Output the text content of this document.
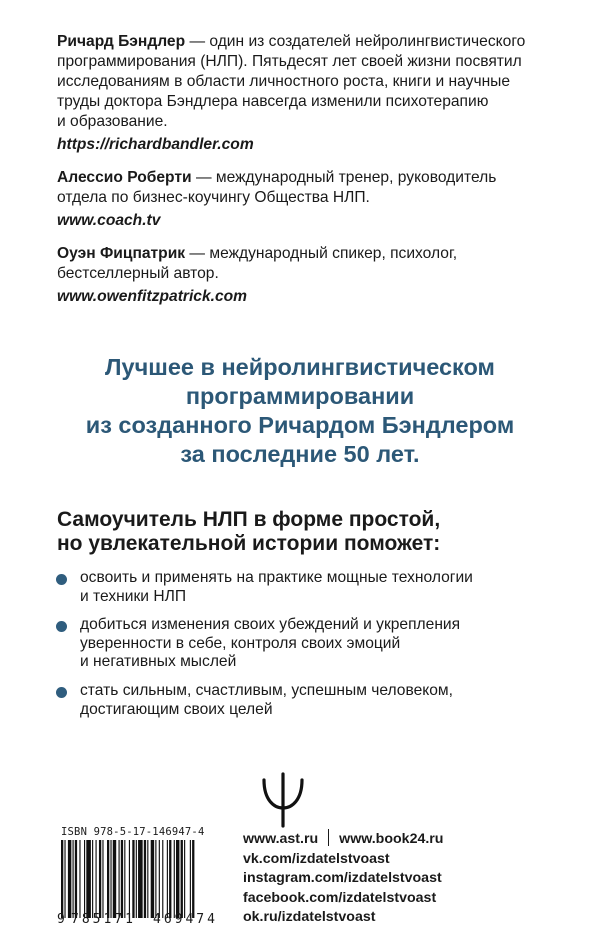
Ричард Бэндлер — один из создателей нейролингвистического

программирования (НЛП). Пятьдесят лет своей жизни посвятил

исследованиям в области личностного роста, книги и научные

труды доктора Бэндлера навсегда изменили психотерапию

и образование.

https://richardbandler.com

Алессио Роберти — международный тренер, руководитель

отдела по бизнес-коучингу Общества НЛП.

www.coach.tv

Оуэн Фицпатрик — международный спикер, психолог,

бестселлерный автор.

www.owenfitzpatrick.com

Лучшее в нейролингвистическом
программировании
из созданного Ричардом Бэндлером
за последние 50 лет.
Самоучитель НЛП в форме простой,
но увлекательной истории поможет:
освоить и применять на практике мощные технологии
и техники НЛП
добиться изменения своих убеждений и укрепления
уверенности в себе, контроля своих эмоций
и негативных мыслей
стать сильным, счастливым, успешным человеком,
достигающим своих целей
ISBN 978-5-17-146947-4
9 785171 469474
www.ast.ru www.book24.ru
vk.com/izdatelstvoast
instagram.com/izdatelstvoast
facebook.com/izdatelstvoast
ok.ru/izdatelstvoast
